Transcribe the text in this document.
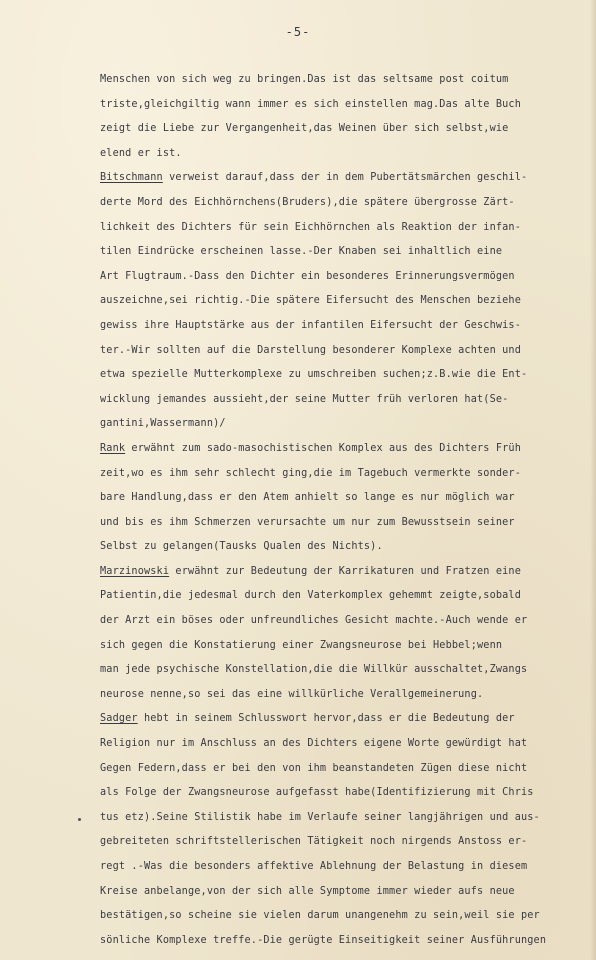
-5-
Menschen von sich weg zu bringen.Das ist das seltsame post coitum
triste,gleichgiltig wann immer es sich einstellen mag.Das alte Buch
zeigt die Liebe zur Vergangenheit,das Weinen über sich selbst,wie
elend er ist.
Bitschmann verweist darauf,dass der in dem Pubertätsmärchen geschil-
derte Mord des Eichhörnchens(Bruders),die spätere übergrosse Zärt-
lichkeit des Dichters für sein Eichhörnchen als Reaktion der infan-
tilen Eindrücke erscheinen lasse.-Der Knaben sei inhaltlich eine
Art Flugtraum.-Dass den Dichter ein besonderes Erinnerungsvermögen
auszeichne,sei richtig.-Die spätere Eifersucht des Menschen beziehe
gewiss ihre Hauptstärke aus der infantilen Eifersucht der Geschwis-
ter.-Wir sollten auf die Darstellung besonderer Komplexe achten und
etwa spezielle Mutterkomplexe zu umschreiben suchen;z.B.wie die Ent-
wicklung jemandes aussieht,der seine Mutter früh verloren hat(Se-
gantini,Wassermann)/
Rank erwähnt zum sado-masochistischen Komplex aus des Dichters Früh
zeit,wo es ihm sehr schlecht ging,die im Tagebuch vermerkte sonder-
bare Handlung,dass er den Atem anhielt so lange es nur möglich war
und bis es ihm Schmerzen verursachte um nur zum Bewusstsein seiner
Selbst zu gelangen(Tausks Qualen des Nichts).
Marzinowski erwähnt zur Bedeutung der Karrikaturen und Fratzen eine
Patientin,die jedesmal durch den Vaterkomplex gehemmt zeigte,sobald
der Arzt ein böses oder unfreundliches Gesicht machte.-Auch wende er
sich gegen die Konstatierung einer Zwangsneurose bei Hebbel;wenn
man jede psychische Konstellation,die die Willkür ausschaltet,Zwangs
neurose nenne,so sei das eine willkürliche Verallgemeinerung.
Sadger hebt in seinem Schlusswort hervor,dass er die Bedeutung der
Religion nur im Anschluss an des Dichters eigene Worte gewürdigt hat
Gegen Federn,dass er bei den von ihm beanstandeten Zügen diese nicht
als Folge der Zwangsneurose aufgefasst habe(Identifizierung mit Chris
tus etz).Seine Stilistik habe im Verlaufe seiner langjährigen und aus-
gebreiteten schriftstellerischen Tätigkeit noch nirgends Anstoss er-
regt .-Was die besonders affektive Ablehnung der Belastung in diesem
Kreise anbelange,von der sich alle Symptome immer wieder aufs neue
bestätigen,so scheine sie vielen darum unangenehm zu sein,weil sie per
sönliche Komplexe treffe.-Die gerügte Einseitigkeit seiner Ausführungen
